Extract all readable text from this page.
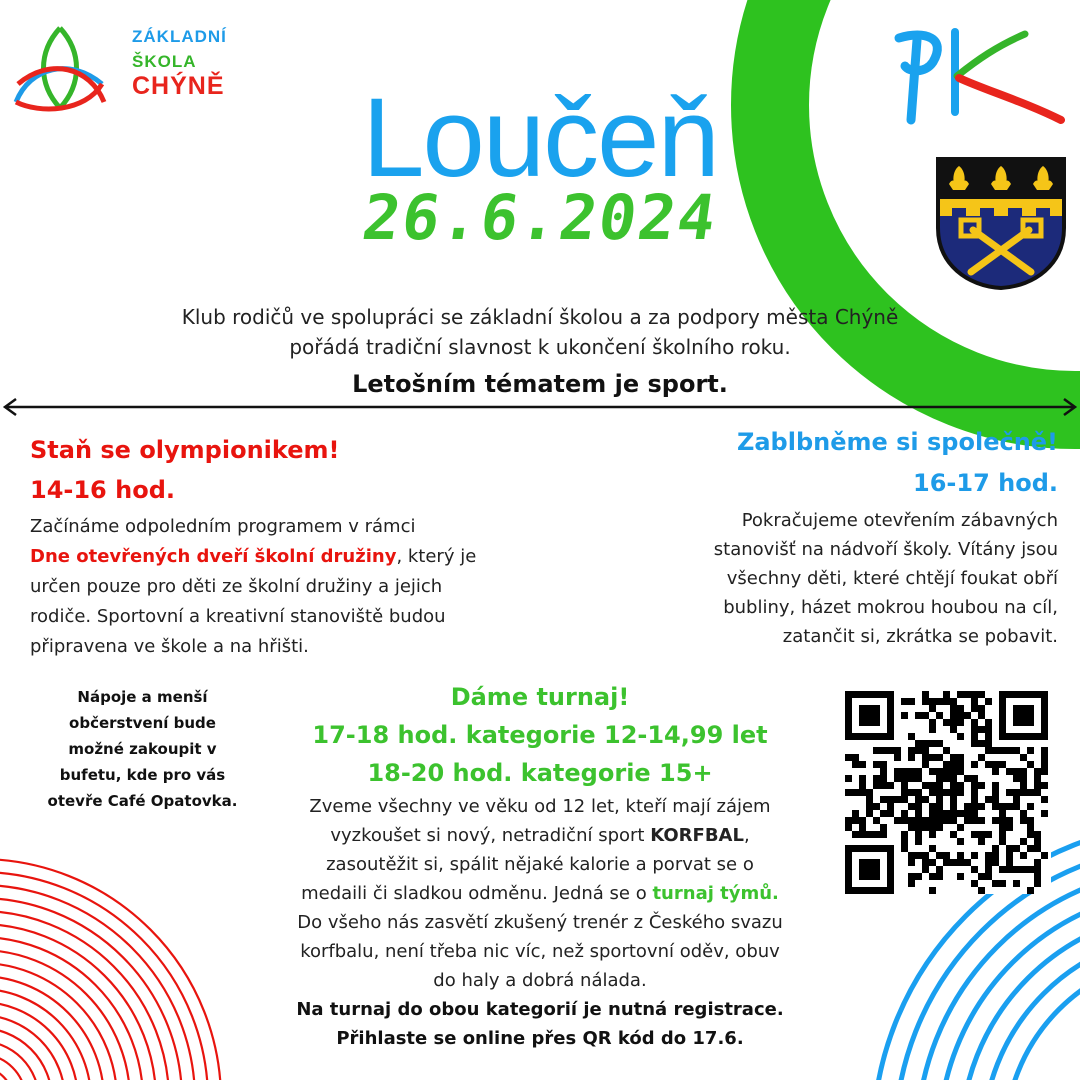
ZÁKLADNÍ
ŠKOLA
CHÝNĚ	Loučeň
26.6.2024
Klub rodičů ve spolupráci se základní školou a za podpory města Chýně
pořádá tradiční slavnost k ukončení školního roku.
Letošním tématem je sport.
Staň se olympionikem!
14-16 hod.
Začínáme odpoledním programem v rámci
Dne otevřených dveří školní družiny, který je
určen pouze pro děti ze školní družiny a jejich
rodiče. Sportovní a kreativní stanoviště budou
připravena ve škole a na hřišti.
Zablbněme si společně!
16-17 hod.
Pokračujeme otevřením zábavných
stanovišť na nádvoří školy. Vítány jsou
všechny děti, které chtějí foukat obří
bubliny, házet mokrou houbou na cíl,
zatančit si, zkrátka se pobavit.
Nápoje a menší
občerstvení bude
možné zakoupit v
bufetu, kde pro vás
otevře Café Opatovka.
Dáme turnaj!
17-18 hod. kategorie 12-14,99 let
18-20 hod. kategorie 15+
Zveme všechny ve věku od 12 let, kteří mají zájem
vyzkoušet si nový, netradiční sport KORFBAL,
zasoutěžit si, spálit nějaké kalorie a porvat se o
medaili či sladkou odměnu. Jedná se o turnaj týmů.
Do všeho nás zasvětí zkušený trenér z Českého svazu
korfbalu, není třeba nic víc, než sportovní oděv, obuv
do haly a dobrá nálada.
Na turnaj do obou kategorií je nutná registrace.
Přihlaste se online přes QR kód do 17.6.
